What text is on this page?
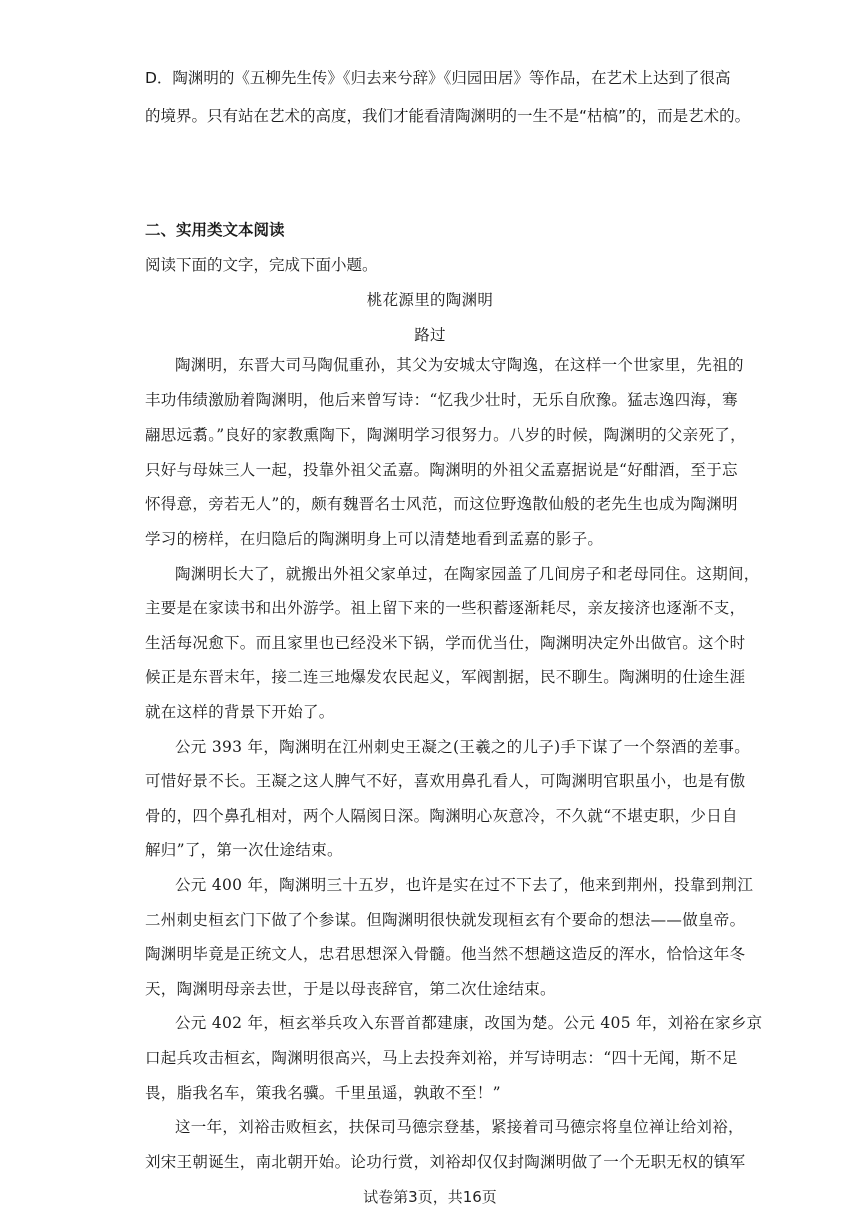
D．陶渊明的《五柳先生传》《归去来兮辞》《归园田居》等作品，在艺术上达到了很高
的境界。只有站在艺术的高度，我们才能看清陶渊明的一生不是“枯槁”的，而是艺术的。
二、实用类文本阅读
阅读下面的文字，完成下面小题。
桃花源里的陶渊明
路过
陶渊明，东晋大司马陶侃重孙，其父为安城太守陶逸，在这样一个世家里，先祖的
丰功伟绩激励着陶渊明，他后来曾写诗：“忆我少壮时，无乐自欣豫。猛志逸四海，骞
翮思远翥。”良好的家教熏陶下，陶渊明学习很努力。八岁的时候，陶渊明的父亲死了，
只好与母妹三人一起，投靠外祖父孟嘉。陶渊明的外祖父孟嘉据说是“好酣酒，至于忘
怀得意，旁若无人”的，颇有魏晋名士风范，而这位野逸散仙般的老先生也成为陶渊明
学习的榜样，在归隐后的陶渊明身上可以清楚地看到孟嘉的影子。
陶渊明长大了，就搬出外祖父家单过，在陶家园盖了几间房子和老母同住。这期间，
主要是在家读书和出外游学。祖上留下来的一些积蓄逐渐耗尽，亲友接济也逐渐不支，
生活每况愈下。而且家里也已经没米下锅，学而优当仕，陶渊明决定外出做官。这个时
候正是东晋末年，接二连三地爆发农民起义，军阀割据，民不聊生。陶渊明的仕途生涯
就在这样的背景下开始了。
公元 393 年，陶渊明在江州刺史王凝之(王羲之的儿子)手下谋了一个祭酒的差事。
可惜好景不长。王凝之这人脾气不好，喜欢用鼻孔看人，可陶渊明官职虽小，也是有傲
骨的，四个鼻孔相对，两个人隔阂日深。陶渊明心灰意冷，不久就“不堪吏职，少日自
解归”了，第一次仕途结束。
公元 400 年，陶渊明三十五岁，也许是实在过不下去了，他来到荆州，投靠到荆江
二州刺史桓玄门下做了个参谋。但陶渊明很快就发现桓玄有个要命的想法——做皇帝。
陶渊明毕竟是正统文人，忠君思想深入骨髓。他当然不想趟这造反的浑水，恰恰这年冬
天，陶渊明母亲去世，于是以母丧辞官，第二次仕途结束。
公元 402 年，桓玄举兵攻入东晋首都建康，改国为楚。公元 405 年，刘裕在家乡京
口起兵攻击桓玄，陶渊明很高兴，马上去投奔刘裕，并写诗明志：“四十无闻，斯不足
畏，脂我名车，策我名骥。千里虽遥，孰敢不至！”
这一年，刘裕击败桓玄，扶保司马德宗登基，紧接着司马德宗将皇位禅让给刘裕，
刘宋王朝诞生，南北朝开始。论功行赏，刘裕却仅仅封陶渊明做了一个无职无权的镇军
试卷第3页，共16页
